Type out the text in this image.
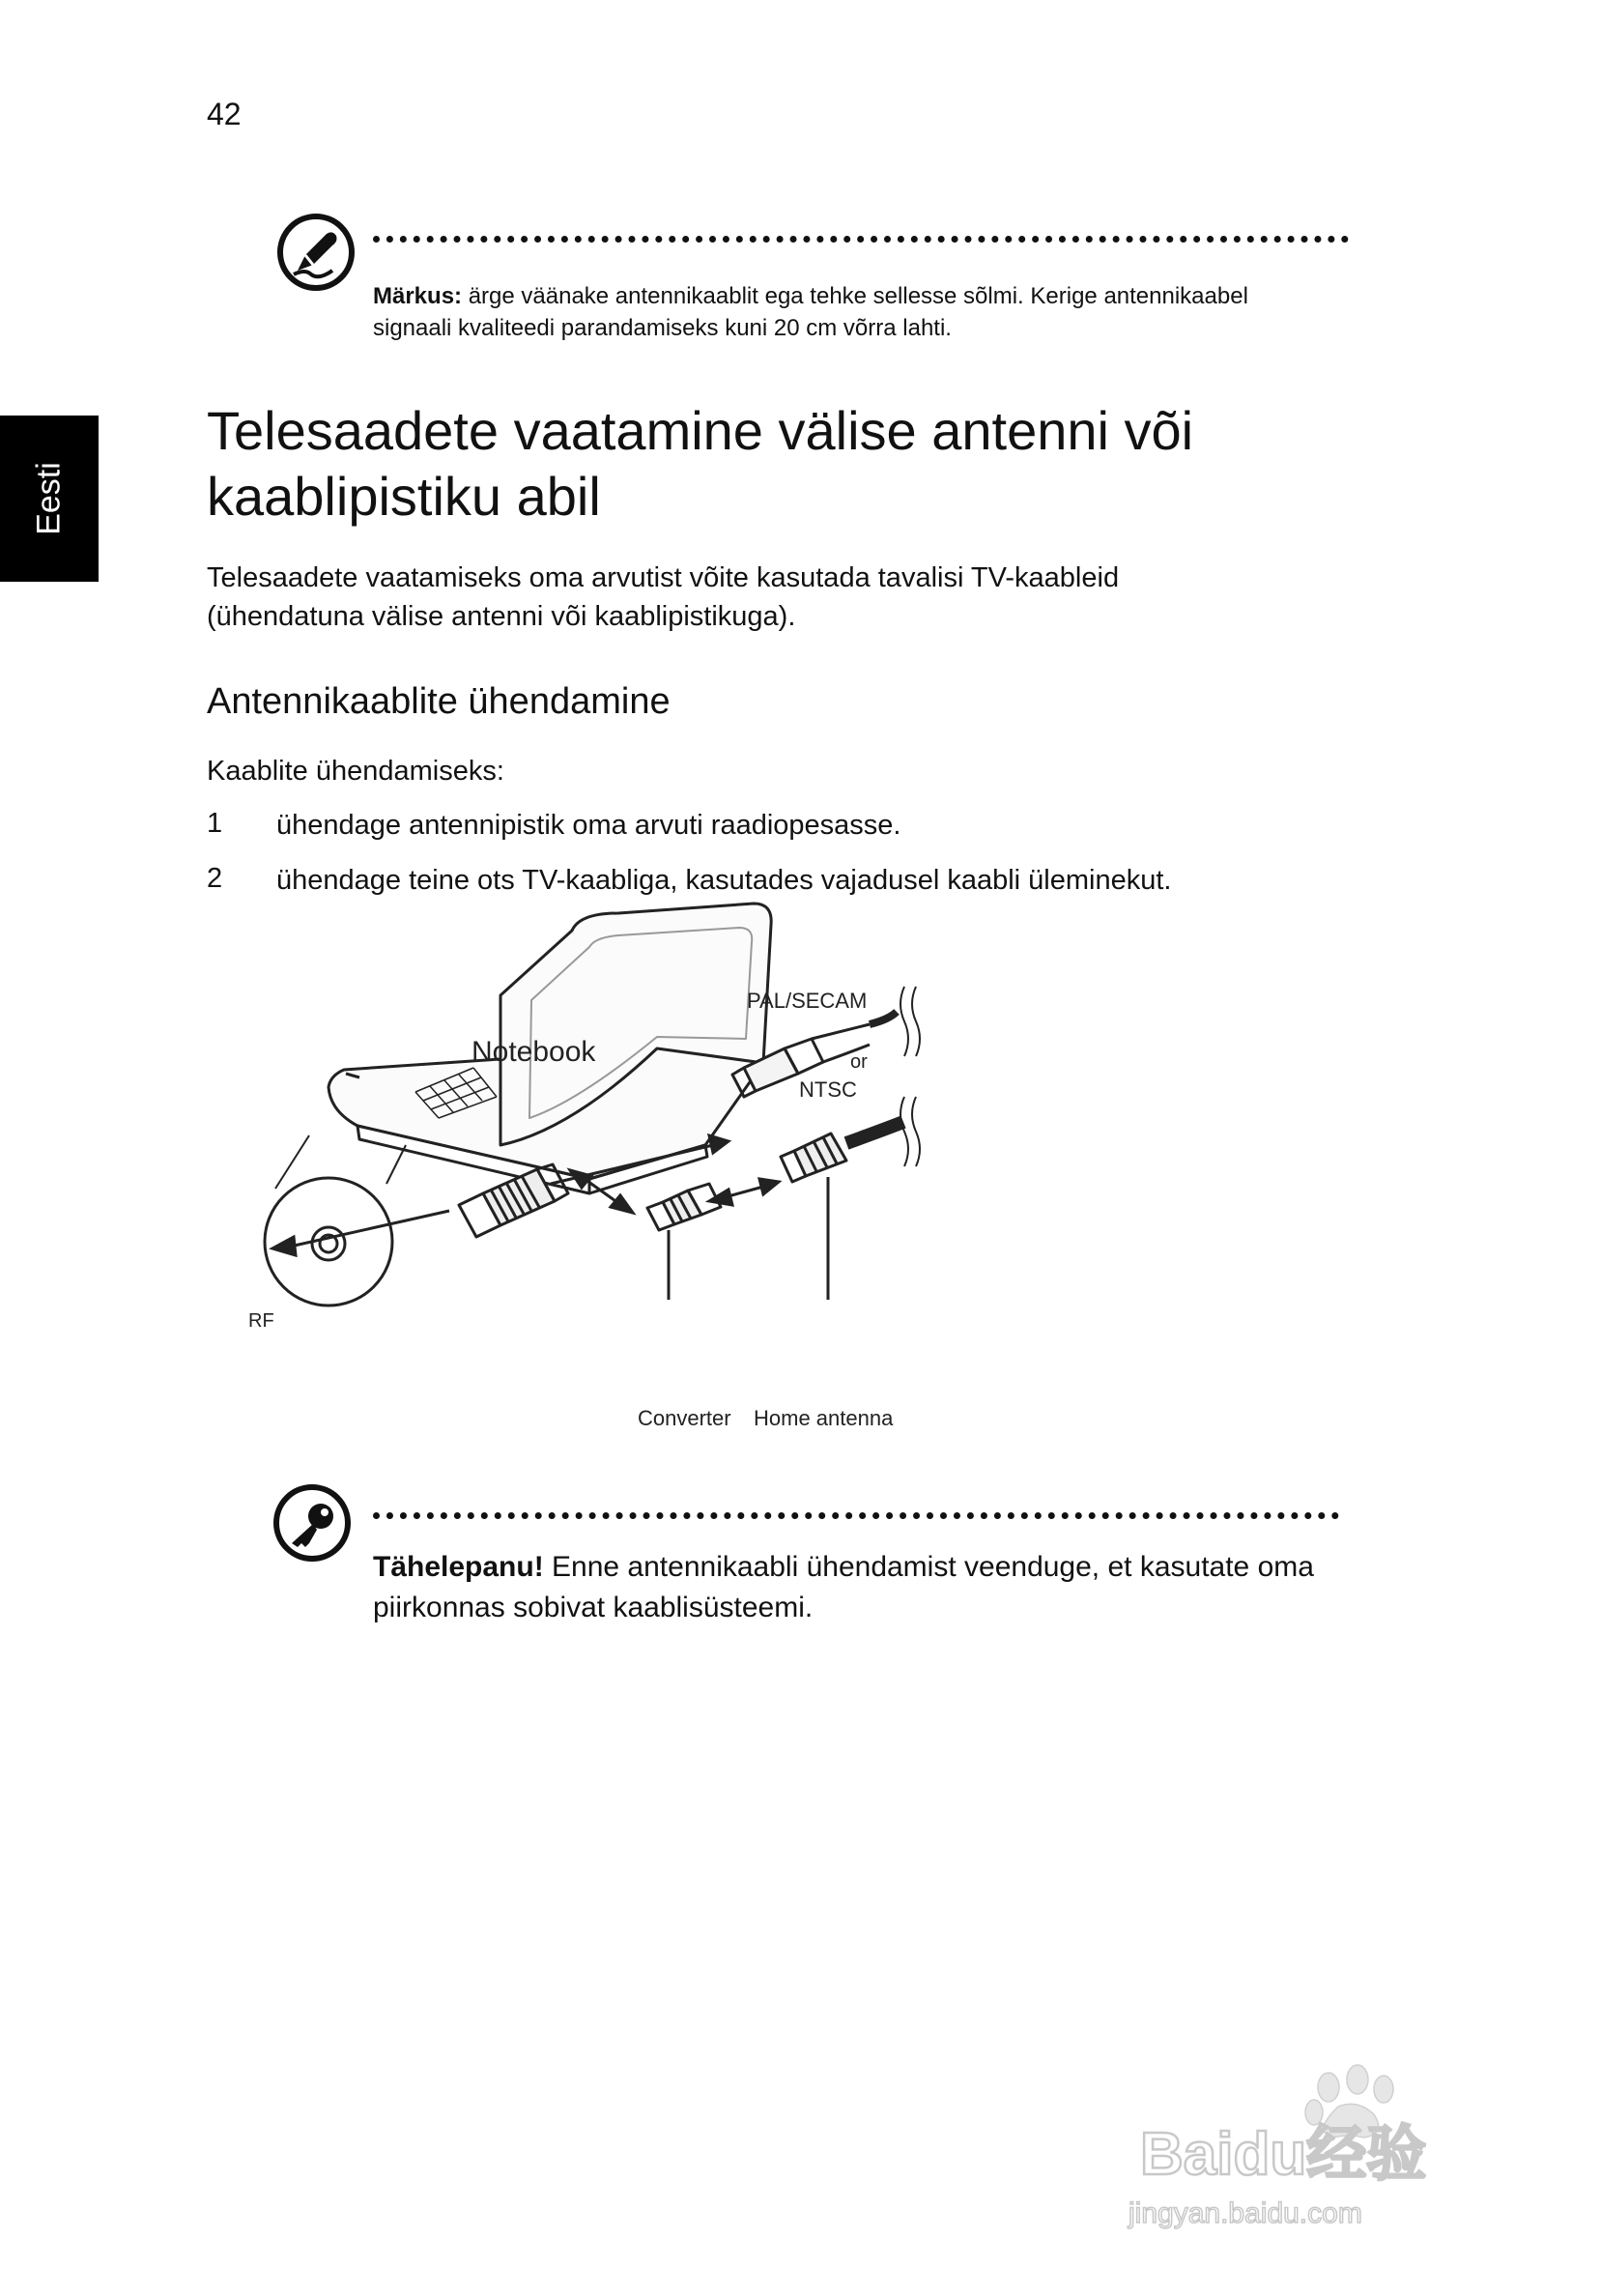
42
Eesti
Märkus: ärge väänake antennikaablit ega tehke sellesse sõlmi. Kerige antennikaabel signaali kvaliteedi parandamiseks kuni 20 cm võrra lahti.
Telesaadete vaatamine välise antenni või kaablipistiku abil
Telesaadete vaatamiseks oma arvutist võite kasutada tavalisi TV-kaableid (ühendatuna välise antenni või kaablipistikuga).
Antennikaablite ühendamine
Kaablite ühendamiseks:
1 ühendage antennipistik oma arvuti raadiopesasse.
2 ühendage teine ots TV-kaabliga, kasutades vajadusel kaabli üleminekut.
Notebook
PAL/SECAM
or
NTSC
RF
Converter Home antenna
Tähelepanu! Enne antennikaabli ühendamist veenduge, et kasutate oma piirkonnas sobivat kaablisüsteemi.
Baidu经验
jingyan.baidu.com
